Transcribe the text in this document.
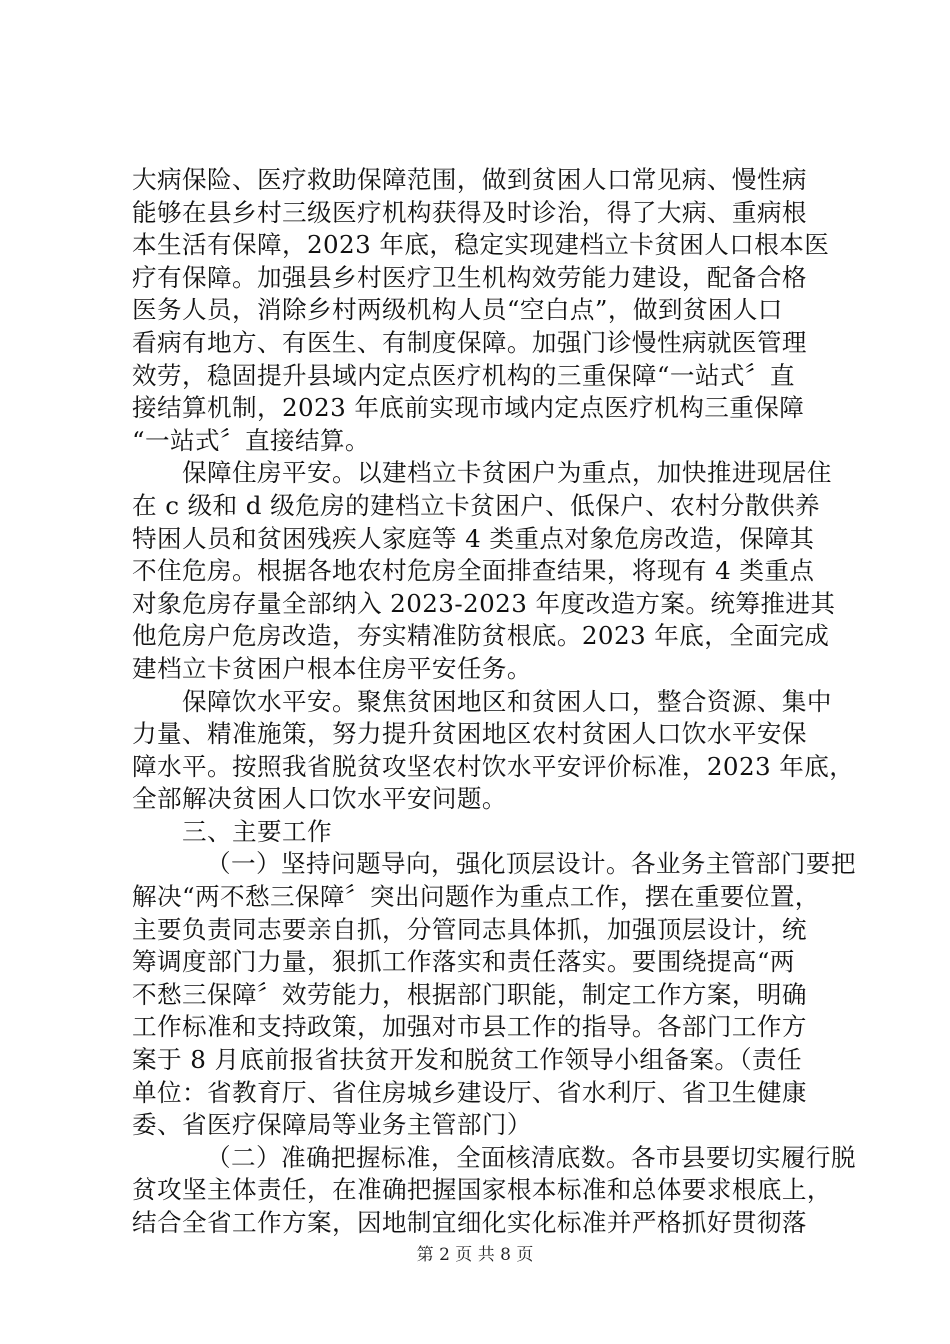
大病保险、医疗救助保障范围，做到贫困人口常见病、慢性病
能够在县乡村三级医疗机构获得及时诊治，得了大病、重病根
本生活有保障，2023 年底，稳定实现建档立卡贫困人口根本医
疗有保障。加强县乡村医疗卫生机构效劳能力建设，配备合格
医务人员，消除乡村两级机构人员“空白点”，做到贫困人口
看病有地方、有医生、有制度保障。加强门诊慢性病就医管理
效劳，稳固提升县域内定点医疗机构的三重保障“一站式〞直
接结算机制，2023 年底前实现市域内定点医疗机构三重保障
“一站式〞直接结算。
保障住房平安。以建档立卡贫困户为重点，加快推进现居住
在 c 级和 d 级危房的建档立卡贫困户、低保户、农村分散供养
特困人员和贫困残疾人家庭等 4 类重点对象危房改造，保障其
不住危房。根据各地农村危房全面排查结果，将现有 4 类重点
对象危房存量全部纳入 2023-2023 年度改造方案。统筹推进其
他危房户危房改造，夯实精准防贫根底。2023 年底，全面完成
建档立卡贫困户根本住房平安任务。
保障饮水平安。聚焦贫困地区和贫困人口，整合资源、集中
力量、精准施策，努力提升贫困地区农村贫困人口饮水平安保
障水平。按照我省脱贫攻坚农村饮水平安评价标准，2023 年底，
全部解决贫困人口饮水平安问题。
三、主要工作
（一）坚持问题导向，强化顶层设计。各业务主管部门要把
解决“两不愁三保障〞突出问题作为重点工作，摆在重要位置，
主要负责同志要亲自抓，分管同志具体抓，加强顶层设计，统
筹调度部门力量，狠抓工作落实和责任落实。要围绕提高“两
不愁三保障〞效劳能力，根据部门职能，制定工作方案，明确
工作标准和支持政策，加强对市县工作的指导。各部门工作方
案于 8 月底前报省扶贫开发和脱贫工作领导小组备案。（责任
单位：省教育厅、省住房城乡建设厅、省水利厅、省卫生健康
委、省医疗保障局等业务主管部门）
（二）准确把握标准，全面核清底数。各市县要切实履行脱
贫攻坚主体责任，在准确把握国家根本标准和总体要求根底上，
结合全省工作方案，因地制宜细化实化标准并严格抓好贯彻落
第 2 页 共 8 页
